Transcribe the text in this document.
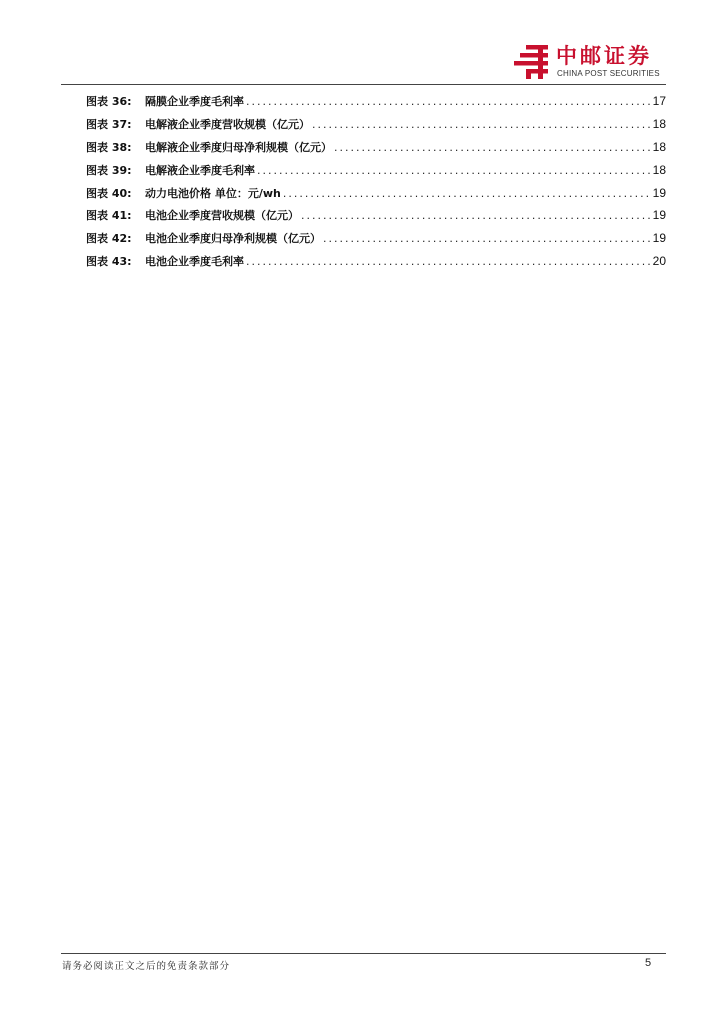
中邮证券
CHINA POST SECURITIES
图表 36:	隔膜企业季度毛利率 .....	17
图表 37:	电解液企业季度营收规模（亿元） .....	18
图表 38:	电解液企业季度归母净利规模（亿元） .....	18
图表 39:	电解液企业季度毛利率 .....	18
图表 40:	动力电池价格 单位：元/wh .....	19
图表 41:	电池企业季度营收规模（亿元） .....	19
图表 42:	电池企业季度归母净利规模（亿元） .....	19
图表 43:	电池企业季度毛利率 .....	20
请务必阅读正文之后的免责条款部分	5
